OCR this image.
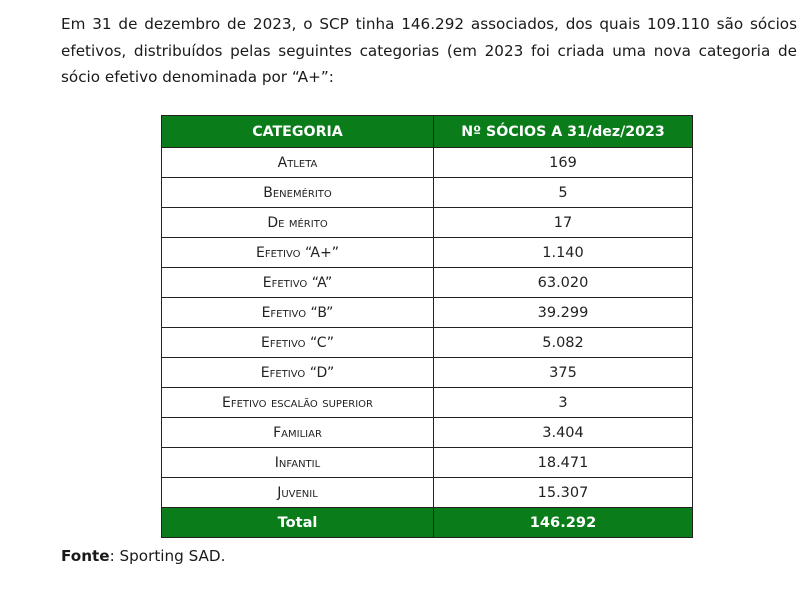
Em 31 de dezembro de 2023, o SCP tinha 146.292 associados, dos quais 109.110 são sócios efetivos, distribuídos pelas seguintes categorias (em 2023 foi criada uma nova categoria de sócio efetivo denominada por “A+”:

CATEGORIA	Nº SÓCIOS A 31/dez/2023
Atleta	169
Benemérito	5
De mérito	17
Efetivo “A+”	1.140
Efetivo “A”	63.020
Efetivo “B”	39.299
Efetivo “C”	5.082
Efetivo “D”	375
Efetivo escalão superior	3
Familiar	3.404
Infantil	18.471
Juvenil	15.307
Total	146.292

Fonte: Sporting SAD.
